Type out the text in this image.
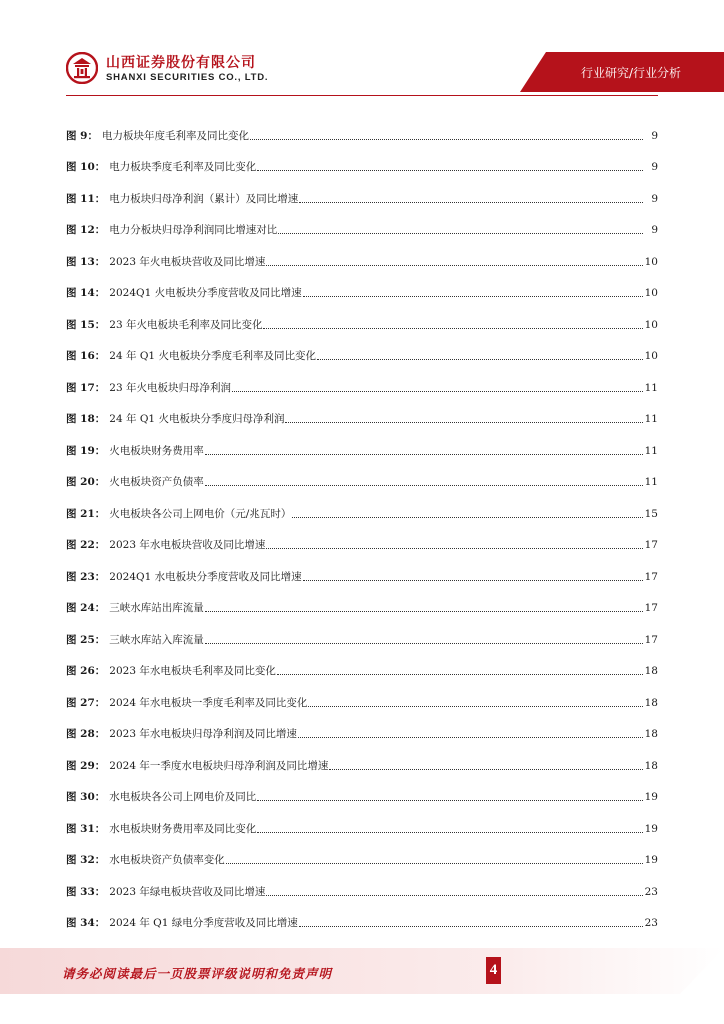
山西证券股份有限公司
SHANXI SECURITIES CO., LTD.	行业研究/行业分析
图 9： 电力板块年度毛利率及同比变化	9
图 10： 电力板块季度毛利率及同比变化	9
图 11： 电力板块归母净利润（累计）及同比增速	9
图 12： 电力分板块归母净利润同比增速对比	9
图 13： 2023 年火电板块营收及同比增速	10
图 14： 2024Q1 火电板块分季度营收及同比增速	10
图 15： 23 年火电板块毛利率及同比变化	10
图 16： 24 年 Q1 火电板块分季度毛利率及同比变化	10
图 17： 23 年火电板块归母净利润	11
图 18： 24 年 Q1 火电板块分季度归母净利润	11
图 19： 火电板块财务费用率	11
图 20： 火电板块资产负债率	11
图 21： 火电板块各公司上网电价（元/兆瓦时）	15
图 22： 2023 年水电板块营收及同比增速	17
图 23： 2024Q1 水电板块分季度营收及同比增速	17
图 24： 三峡水库站出库流量	17
图 25： 三峡水库站入库流量	17
图 26： 2023 年水电板块毛利率及同比变化	18
图 27： 2024 年水电板块一季度毛利率及同比变化	18
图 28： 2023 年水电板块归母净利润及同比增速	18
图 29： 2024 年一季度水电板块归母净利润及同比增速	18
图 30： 水电板块各公司上网电价及同比	19
图 31： 水电板块财务费用率及同比变化	19
图 32： 水电板块资产负债率变化	19
图 33： 2023 年绿电板块营收及同比增速	23
图 34： 2024 年 Q1 绿电分季度营收及同比增速	23
请务必阅读最后一页股票评级说明和免责声明	4
